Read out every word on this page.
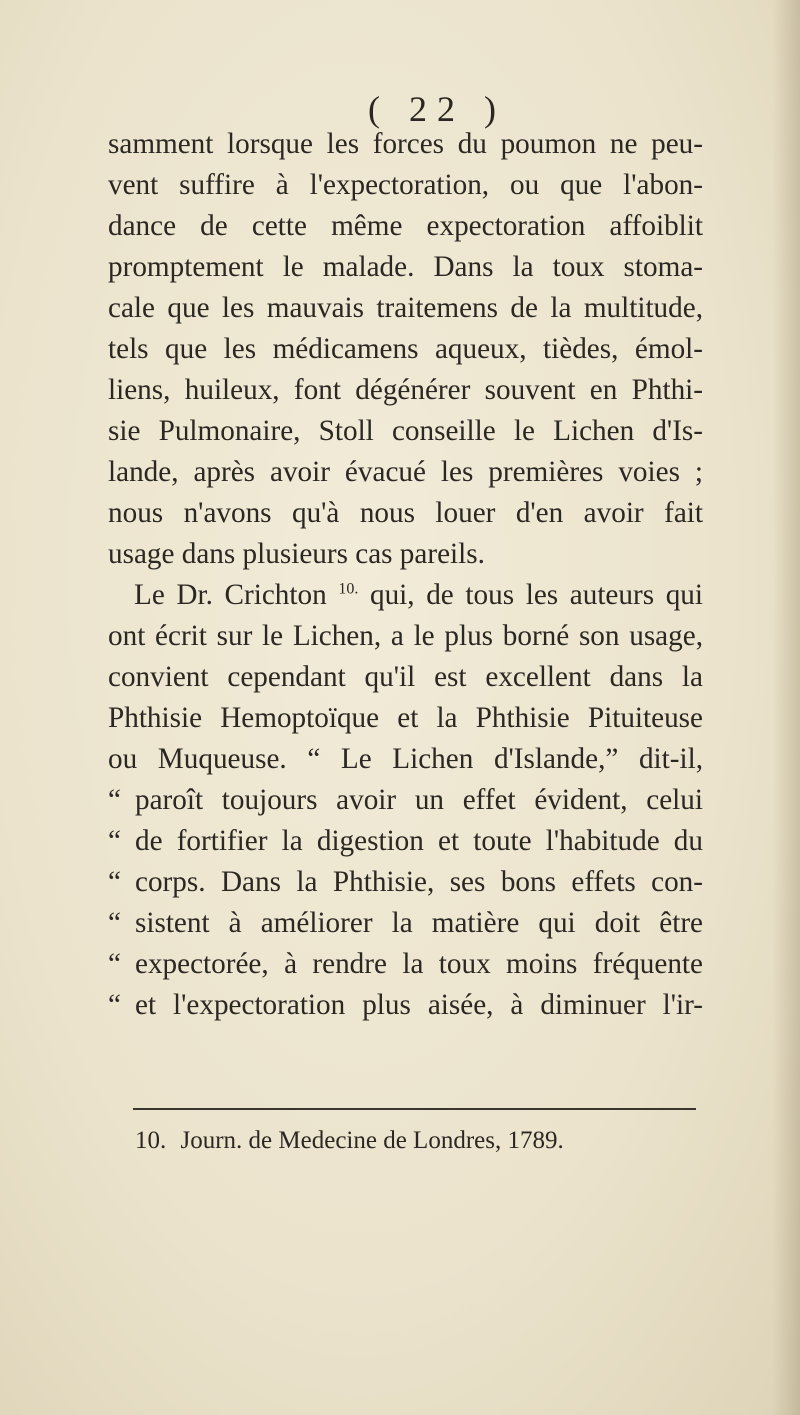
( 22 )
samment lorsque les forces du poumon ne peu-
vent suffire à l'expectoration, ou que l'abon-
dance de cette même expectoration affoiblit
promptement le malade. Dans la toux stoma-
cale que les mauvais traitemens de la multitude,
tels que les médicamens aqueux, tièdes, émol-
liens, huileux, font dégénérer souvent en Phthi-
sie Pulmonaire, Stoll conseille le Lichen d'Is-
lande, après avoir évacué les premières voies ;
nous n'avons qu'à nous louer d'en avoir fait
usage dans plusieurs cas pareils.
Le Dr. Crichton $^{10.}$ qui, de tous les auteurs qui
ont écrit sur le Lichen, a le plus borné son usage,
convient cependant qu'il est excellent dans la
Phthisie Hemoptoïque et la Phthisie Pituiteuse
ou Muqueuse. “ Le Lichen d'Islande,” dit-il,
“ paroît toujours avoir un effet évident, celui
“ de fortifier la digestion et toute l'habitude du
“ corps. Dans la Phthisie, ses bons effets con-
“ sistent à améliorer la matière qui doit être
“ expectorée, à rendre la toux moins fréquente
“ et l'expectoration plus aisée, à diminuer l'ir-
10. Journ. de Medecine de Londres, 1789.
